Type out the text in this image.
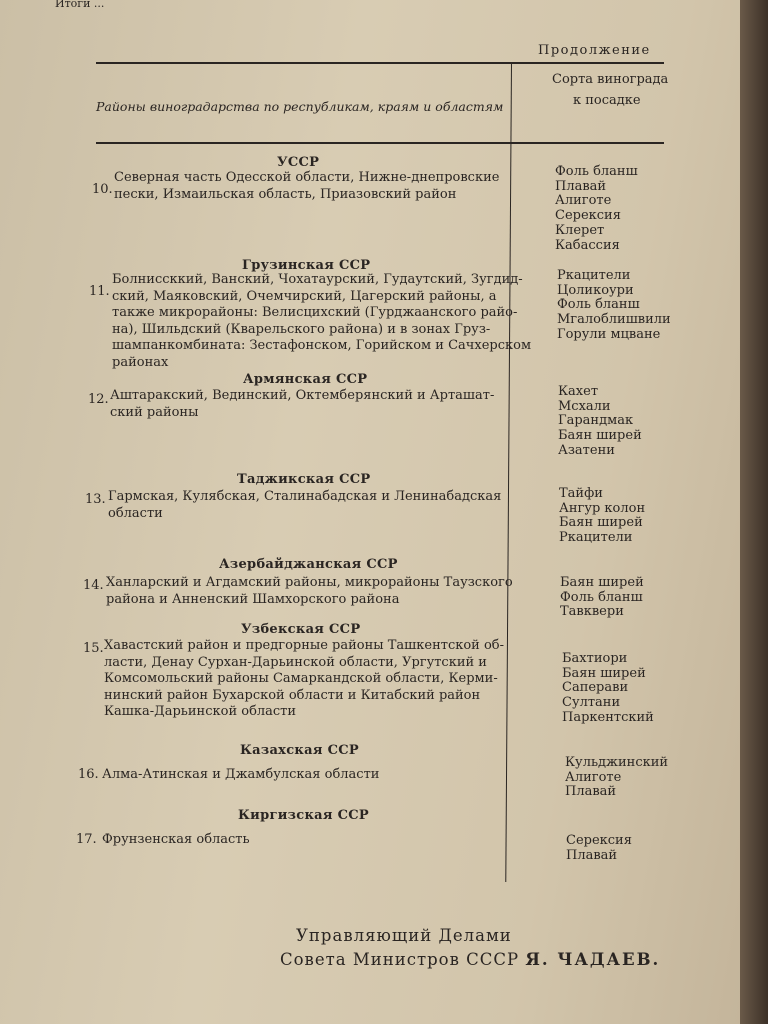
Итоги ...
Продолжение
Районы виноградарства по республикам, краям и областям
Сорта винограда
к посадке
УССР
10.
Северная часть Одесской области, Нижне-днепровские
пески, Измаильская область, Приазовский район
Фоль бланш
Плавай
Алиготе
Серексия
Клерет
Кабассия
Грузинская ССР
11.
Болниссккий, Ванский, Чохатаурский, Гудаутский, Зугдид-
ский, Маяковский, Очемчирский, Цагерский районы, а
также микрорайоны: Велисцихский (Гурджаанского райо-
на), Шильдский (Кварельского района) и в зонах Груз-
шампанкомбината: Зестафонском, Горийском и Сачхерском
районах
Ркацители
Цоликоури
Фоль бланш
Мгалоблишвили
Горули мцване
Армянская ССР
12. Аштаракский, Вединский, Октемберянский и Арташат-
ский районы
Кахет
Мсхали
Гарандмак
Баян ширей
Азатени
Таджикская ССР
13. Гармская, Кулябская, Сталинабадская и Ленинабадская
области
Тайфи
Ангур колон
Баян ширей
Ркацители
Азербайджанская ССР
14. Ханларский и Агдамский районы, микрорайоны Таузского
района и Анненский Шамхорского района
Баян ширей
Фоль бланш
Тавквери
Узбекская ССР
15. Хавастский район и предгорные районы Ташкентской об-
ласти, Денау Сурхан-Дарьинской области, Ургутский и
Комсомольский районы Самаркандской области, Керми-
нинский район Бухарской области и Китабский район
Кашка-Дарьинской области
Бахтиори
Баян ширей
Саперави
Султани
Паркентский
Казахская ССР
16. Алма-Атинская и Джамбулская области
Кульджинский
Алиготе
Плавай
Киргизская ССР
17. Фрунзенская область	Серексия
Плавай
Управляющий Делами
Совета Министров СССР Я. ЧАДАЕВ.
